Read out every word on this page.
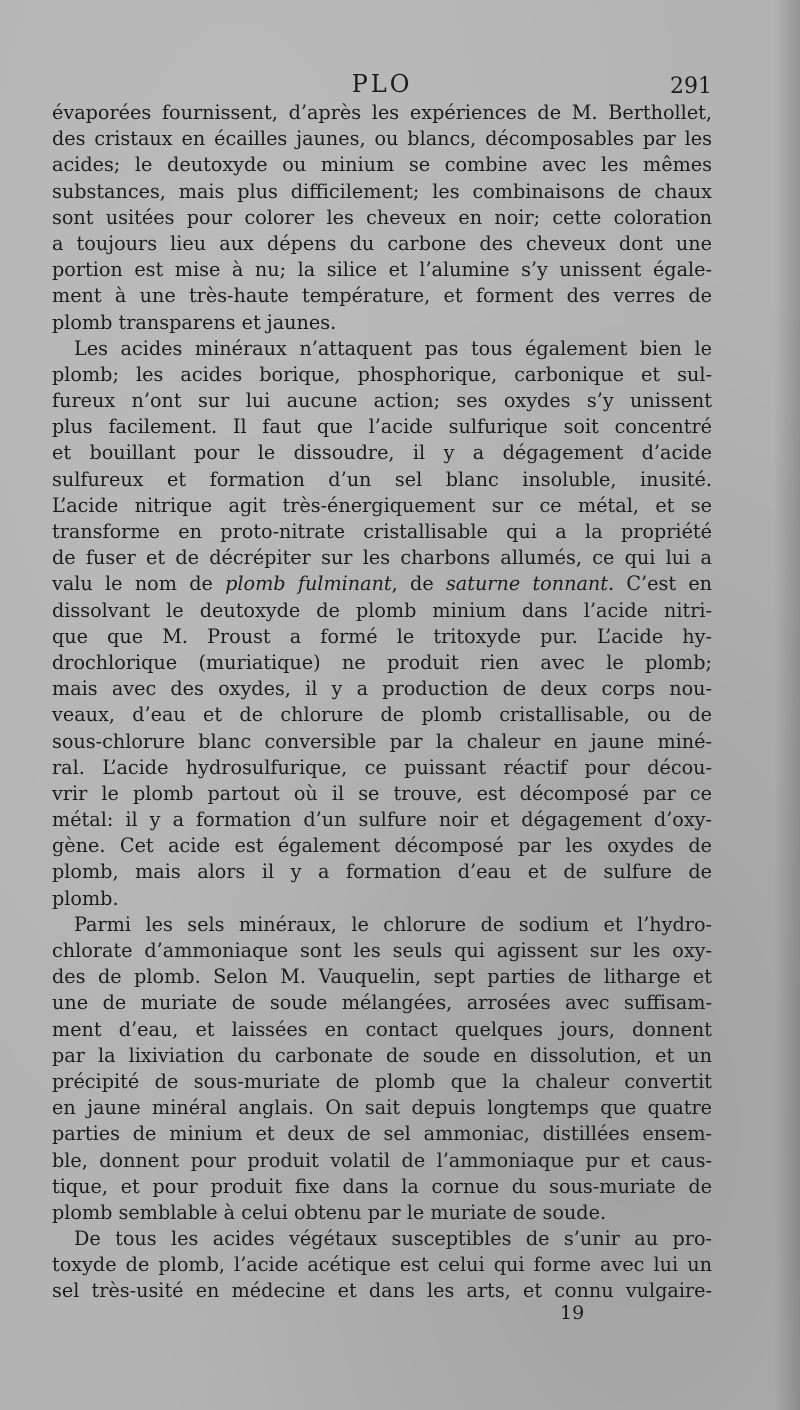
PLO	291
évaporées fournissent, d’après les expériences de M. Berthollet,
des cristaux en écailles jaunes, ou blancs, décomposables par les
acides; le deutoxyde ou minium se combine avec les mêmes
substances, mais plus difficilement; les combinaisons de chaux
sont usitées pour colorer les cheveux en noir; cette coloration
a toujours lieu aux dépens du carbone des cheveux dont une
portion est mise à nu; la silice et l’alumine s’y unissent égale-
ment à une très-haute température, et forment des verres de
plomb transparens et jaunes.
Les acides minéraux n’attaquent pas tous également bien le
plomb; les acides borique, phosphorique, carbonique et sul-
fureux n’ont sur lui aucune action; ses oxydes s’y unissent
plus facilement. Il faut que l’acide sulfurique soit concentré
et bouillant pour le dissoudre, il y a dégagement d’acide
sulfureux et formation d’un sel blanc insoluble, inusité.
L’acide nitrique agit très-énergiquement sur ce métal, et se
transforme en proto-nitrate cristallisable qui a la propriété
de fuser et de décrépiter sur les charbons allumés, ce qui lui a
valu le nom de plomb fulminant, de saturne tonnant. C’est en
dissolvant le deutoxyde de plomb minium dans l’acide nitri-
que que M. Proust a formé le tritoxyde pur. L’acide hy-
drochlorique (muriatique) ne produit rien avec le plomb;
mais avec des oxydes, il y a production de deux corps nou-
veaux, d’eau et de chlorure de plomb cristallisable, ou de
sous-chlorure blanc conversible par la chaleur en jaune miné-
ral. L’acide hydrosulfurique, ce puissant réactif pour décou-
vrir le plomb partout où il se trouve, est décomposé par ce
métal: il y a formation d’un sulfure noir et dégagement d’oxy-
gène. Cet acide est également décomposé par les oxydes de
plomb, mais alors il y a formation d’eau et de sulfure de
plomb.
Parmi les sels minéraux, le chlorure de sodium et l’hydro-
chlorate d’ammoniaque sont les seuls qui agissent sur les oxy-
des de plomb. Selon M. Vauquelin, sept parties de litharge et
une de muriate de soude mélangées, arrosées avec suffisam-
ment d’eau, et laissées en contact quelques jours, donnent
par la lixiviation du carbonate de soude en dissolution, et un
précipité de sous-muriate de plomb que la chaleur convertit
en jaune minéral anglais. On sait depuis longtemps que quatre
parties de minium et deux de sel ammoniac, distillées ensem-
ble, donnent pour produit volatil de l’ammoniaque pur et caus-
tique, et pour produit fixe dans la cornue du sous-muriate de
plomb semblable à celui obtenu par le muriate de soude.
De tous les acides végétaux susceptibles de s’unir au pro-
toxyde de plomb, l’acide acétique est celui qui forme avec lui un
sel très-usité en médecine et dans les arts, et connu vulgaire-
19
